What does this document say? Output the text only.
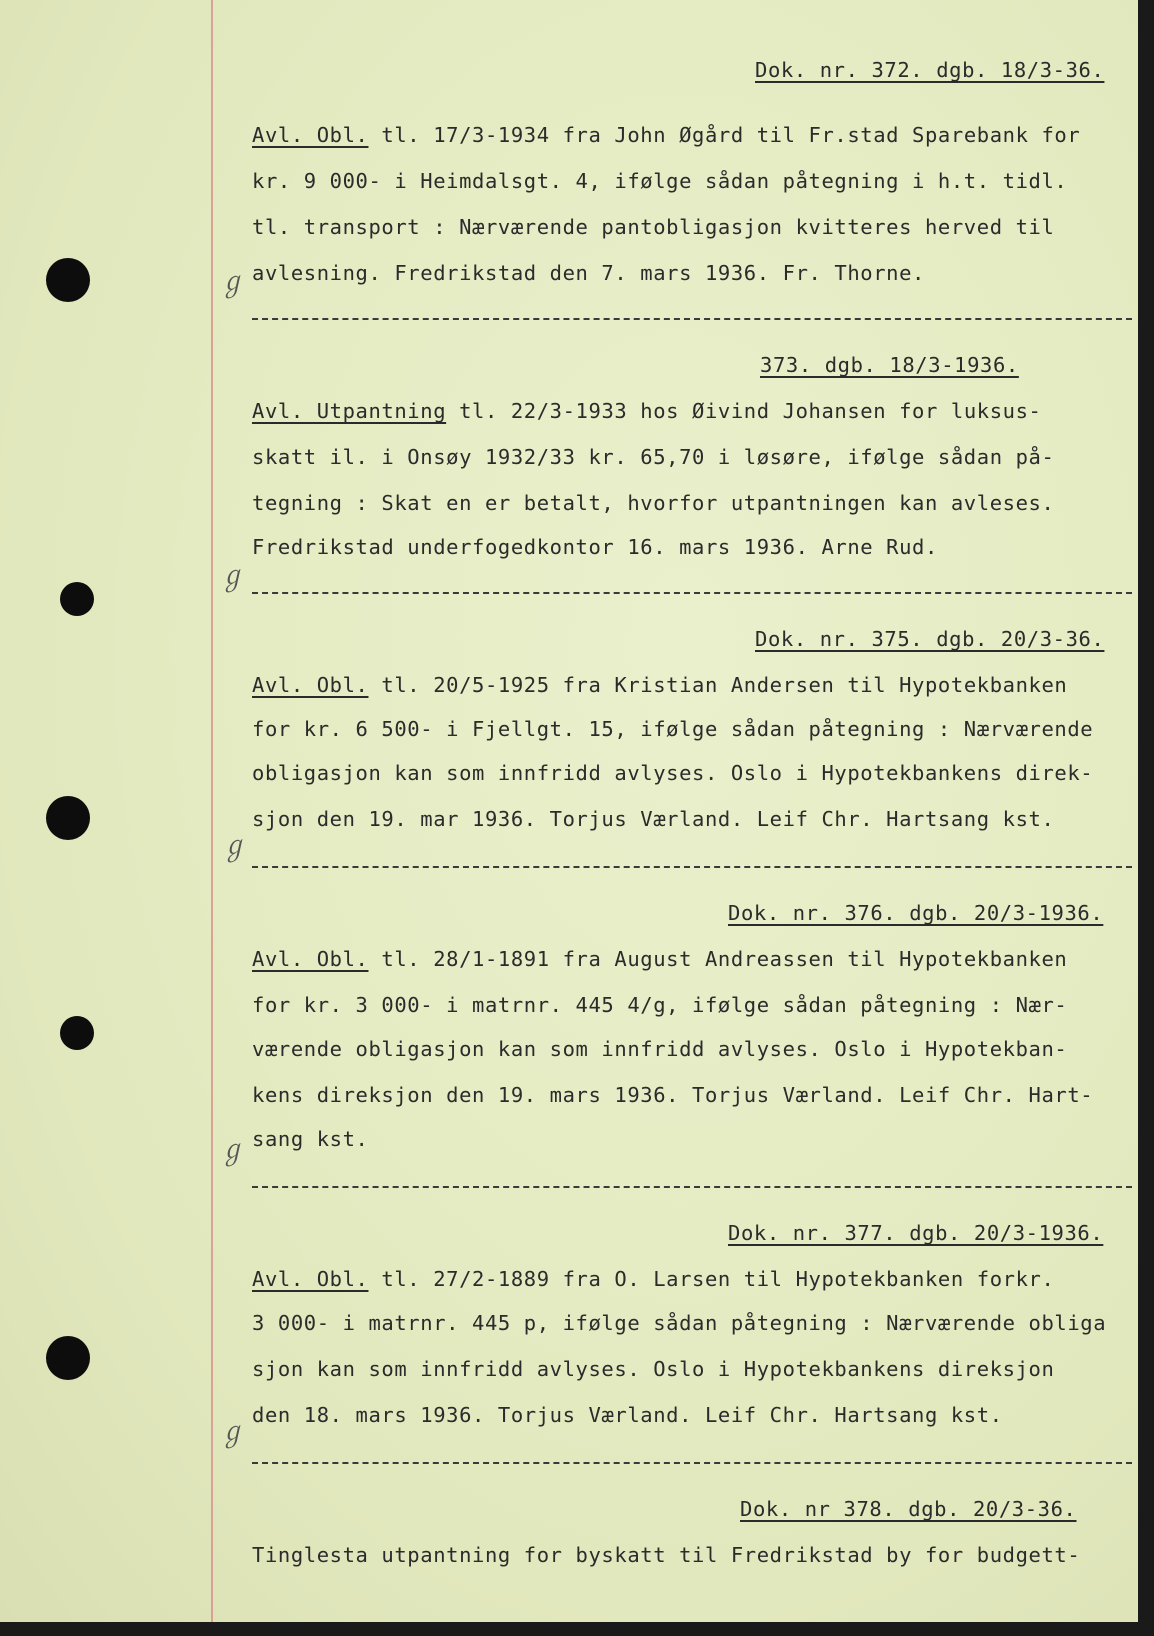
Dok. nr. 372. dgb. 18/3-36.
Avl. Obl. tl. 17/3-1934 fra John Øgård til Fr.stad Sparebank for
kr. 9 000- i Heimdalsgt. 4, ifølge sådan påtegning i h.t. tidl.
tl. transport : Nærværende pantobligasjon kvitteres herved til
avlesning. Fredrikstad den 7. mars 1936. Fr. Thorne.
ℊ
373. dgb. 18/3-1936.
Avl. Utpantning tl. 22/3-1933 hos Øivind Johansen for luksus-
skatt il. i Onsøy 1932/33 kr. 65,70 i løsøre, ifølge sådan på-
tegning : Skat en er betalt, hvorfor utpantningen kan avleses.
Fredrikstad underfogedkontor 16. mars 1936. Arne Rud.
ℊ
Dok. nr. 375. dgb. 20/3-36.
Avl. Obl. tl. 20/5-1925 fra Kristian Andersen til Hypotekbanken
for kr. 6 500- i Fjellgt. 15, ifølge sådan påtegning : Nærværende
obligasjon kan som innfridd avlyses. Oslo i Hypotekbankens direk-
sjon den 19. mar 1936. Torjus Værland. Leif Chr. Hartsang kst.
ℊ
Dok. nr. 376. dgb. 20/3-1936.
Avl. Obl. tl. 28/1-1891 fra August Andreassen til Hypotekbanken
for kr. 3 000- i matrnr. 445 4/g, ifølge sådan påtegning : Nær-
værende obligasjon kan som innfridd avlyses. Oslo i Hypotekban-
kens direksjon den 19. mars 1936. Torjus Værland. Leif Chr. Hart-
sang kst.
ℊ
Dok. nr. 377. dgb. 20/3-1936.
Avl. Obl. tl. 27/2-1889 fra O. Larsen til Hypotekbanken forkr.
3 000- i matrnr. 445 p, ifølge sådan påtegning : Nærværende obliga
sjon kan som innfridd avlyses. Oslo i Hypotekbankens direksjon
den 18. mars 1936. Torjus Værland. Leif Chr. Hartsang kst.
ℊ
Dok. nr 378. dgb. 20/3-36.
Tinglesta utpantning for byskatt til Fredrikstad by for budgett-
